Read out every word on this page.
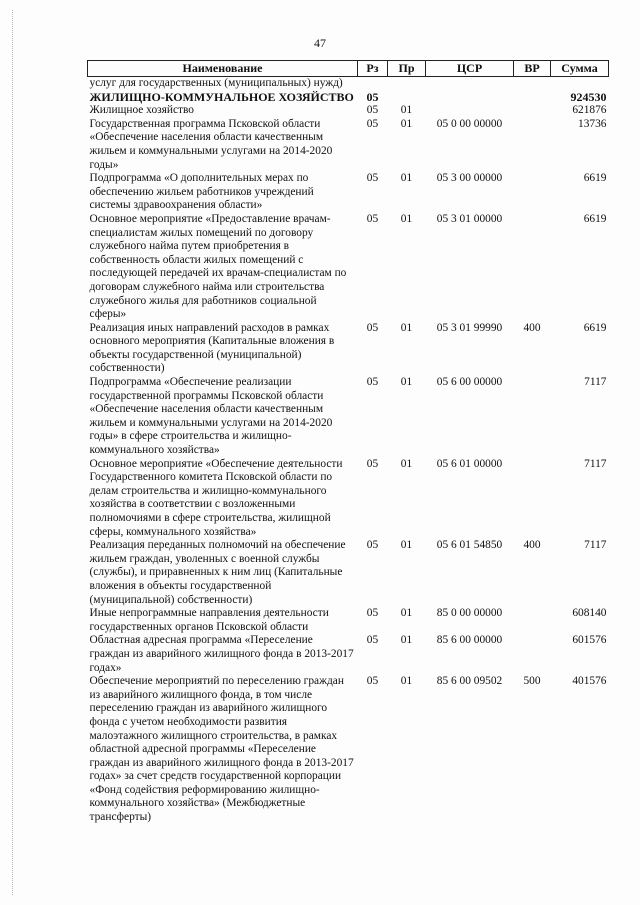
47
Наименование	Рз	Пр	ЦСР	ВР	Сумма
услуг для государственных (муниципальных) нужд)					
ЖИЛИЩНО-КОММУНАЛЬНОЕ ХОЗЯЙСТВО	05				924530
Жилищное хозяйство	05	01			621876
Государственная программа Псковской области «Обеспечение населения области качественным жильем и коммунальными услугами на 2014-2020 годы»	05	01	05 0 00 00000		13736
Подпрограмма «О дополнительных мерах по обеспечению жильем работников учреждений системы здравоохранения области»	05	01	05 3 00 00000		6619
Основное мероприятие «Предоставление врачам-специалистам жилых помещений по договору служебного найма путем приобретения в собственность области жилых помещений с последующей передачей их врачам-специалистам по договорам служебного найма или строительства служебного жилья для работников социальной сферы»	05	01	05 3 01 00000		6619
Реализация иных направлений расходов в рамках основного мероприятия (Капитальные вложения в объекты государственной (муниципальной) собственности)	05	01	05 3 01 99990	400	6619
Подпрограмма «Обеспечение реализации государственной программы Псковской области «Обеспечение населения области качественным жильем и коммунальными услугами на 2014-2020 годы» в сфере строительства и жилищно-коммунального хозяйства»	05	01	05 6 00 00000		7117
Основное мероприятие «Обеспечение деятельности Государственного комитета Псковской области по делам строительства и жилищно-коммунального хозяйства в соответствии с возложенными полномочиями в сфере строительства, жилищной сферы, коммунального хозяйства»	05	01	05 6 01 00000		7117
Реализация переданных полномочий на обеспечение жильем граждан, уволенных с военной службы (службы), и приравненных к ним лиц (Капитальные вложения в объекты государственной (муниципальной) собственности)	05	01	05 6 01 54850	400	7117
Иные непрограммные направления деятельности государственных органов Псковской области	05	01	85 0 00 00000		608140
Областная адресная программа «Переселение граждан из аварийного жилищного фонда в 2013-2017 годах»	05	01	85 6 00 00000		601576
Обеспечение мероприятий по переселению граждан из аварийного жилищного фонда, в том числе переселению граждан из аварийного жилищного фонда с учетом необходимости развития малоэтажного жилищного строительства, в рамках областной адресной программы «Переселение граждан из аварийного жилищного фонда в 2013-2017 годах» за счет средств государственной корпорации «Фонд содействия реформированию жилищно-коммунального хозяйства» (Межбюджетные трансферты)	05	01	85 6 00 09502	500	401576
